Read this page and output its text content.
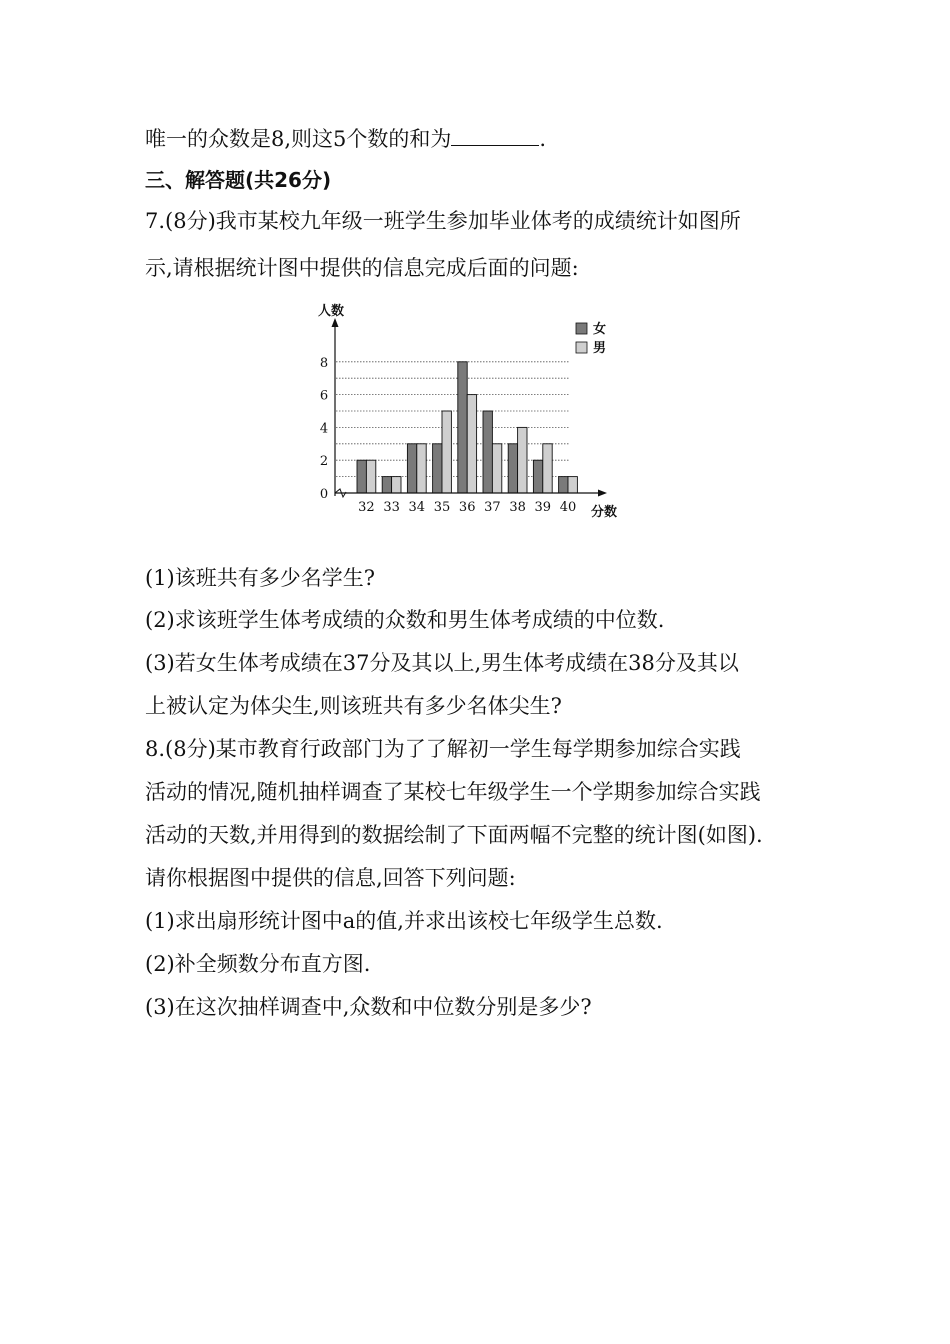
唯一的众数是8,则这5个数的和为	.
三、解答题(共26分)
7.(8分)我市某校九年级一班学生参加毕业体考的成绩统计如图所
示,请根据统计图中提供的信息完成后面的问题:
人数
分数
0
2
4
6
8
32 33 34 35 36 37 38 39 40
女
男
(1)该班共有多少名学生?
(2)求该班学生体考成绩的众数和男生体考成绩的中位数.
(3)若女生体考成绩在37分及其以上,男生体考成绩在38分及其以
上被认定为体尖生,则该班共有多少名体尖生?
8.(8分)某市教育行政部门为了了解初一学生每学期参加综合实践
活动的情况,随机抽样调查了某校七年级学生一个学期参加综合实践
活动的天数,并用得到的数据绘制了下面两幅不完整的统计图(如图).
请你根据图中提供的信息,回答下列问题:
(1)求出扇形统计图中a的值,并求出该校七年级学生总数.
(2)补全频数分布直方图.
(3)在这次抽样调查中,众数和中位数分别是多少?
